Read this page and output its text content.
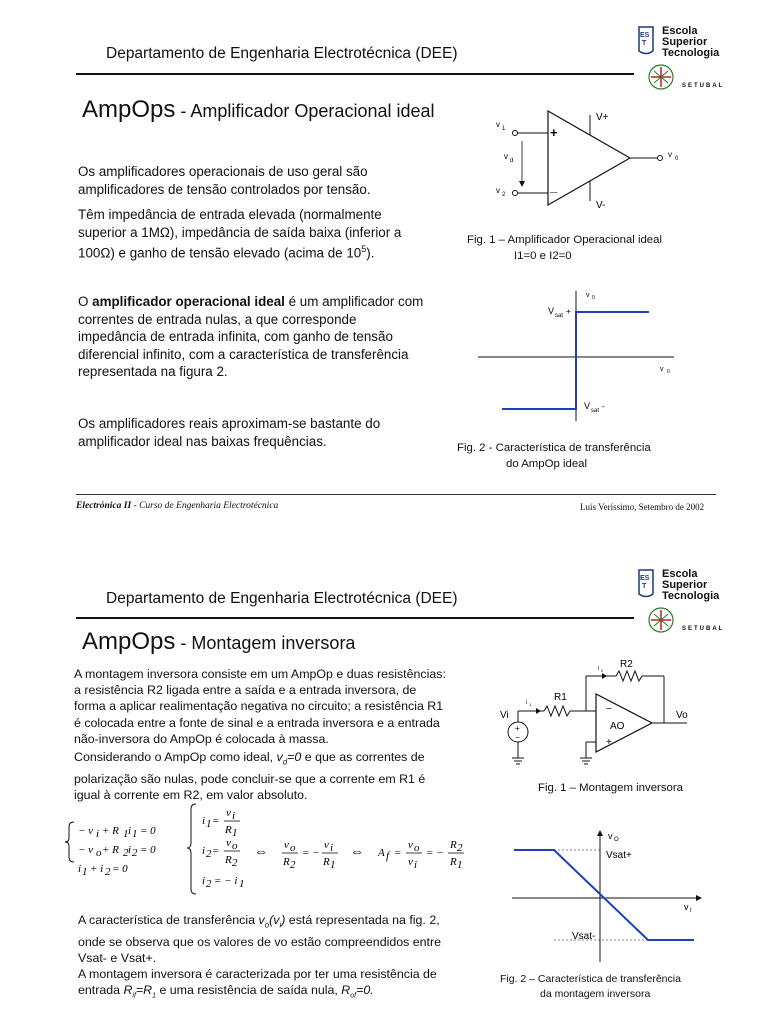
Departamento de Engenharia Electrotécnica (DEE)
ES
T
SETUBAL
Escola
Superior
Tecnologia
AmpOps - Amplificador Operacional ideal
Os amplificadores operacionais de uso geral são amplificadores de tensão controlados por tensão.
Têm impedância de entrada elevada (normalmente superior a 1MΩ), impedância de saída baixa (inferior a 100Ω) e ganho de tensão elevado (acima de $10^5$).
O amplificador operacional ideal é um amplificador com correntes de entrada nulas, a que corresponde impedância de entrada infinita, com ganho de tensão diferencial infinito, com a característica de transferência representada na figura 2.
Os amplificadores reais aproximam-se bastante do amplificador ideal nas baixas frequências.
+
_
v 1
v 2
v d
v 0
V+
V-
Fig. 1 – Amplificador Operacional ideal
I1=0 e I2=0
v 0
v 0
V sat +
V sat -
Fig. 2 - Característica de transferência
do AmpOp ideal
Electrónica II - Curso de Engenharia Electrotécnica	Luís Veríssimo, Setembro de 2002
Departamento de Engenharia Electrotécnica (DEE)
ES
T
SETUBAL
Escola
Superior
Tecnologia
AmpOps - Montagem inversora
A montagem inversora consiste em um AmpOp e duas resistências: a resistência R2 ligada entre a saída e a entrada inversora, de forma a aplicar realimentação negativa no circuito; a resistência R1 é colocada entre a fonte de sinal e a entrada inversora e a entrada não-inversora do AmpOp é colocada à massa.
Considerando o AmpOp como ideal, $v_d=0$ e que as correntes de polarização são nulas, pode concluir-se que a corrente em R1 é igual à corrente em R2, em valor absoluto.
− v i + R 1 i 1 = 0
− v o + R 2 i 2 = 0
i 1 + i 2 = 0
i 1 =
v i
R 1
i 2 =
v o
R 2
i 2 = − i 1
⇔ v o
R 2
= −
v i
R 1
⇔ A f =
v o
v i
= −
R 2
R 1
A característica de transferência $v_o(v_i)$ está representada na fig. 2, onde se observa que os valores de vo estão compreendidos entre Vsat- e Vsat+.
A montagem inversora é caracterizada por ter uma resistência de entrada $R_{if}=R_1$ e uma resistência de saída nula, $R_{of}=0$.
−
+
AO
R1
i 1
R2
i 2
Vo
Vi
+
−
Fig. 1 – Montagem inversora
v O
v I
Vsat+
Vsat-
Fig. 2 – Característica de transferência
da montagem inversora
